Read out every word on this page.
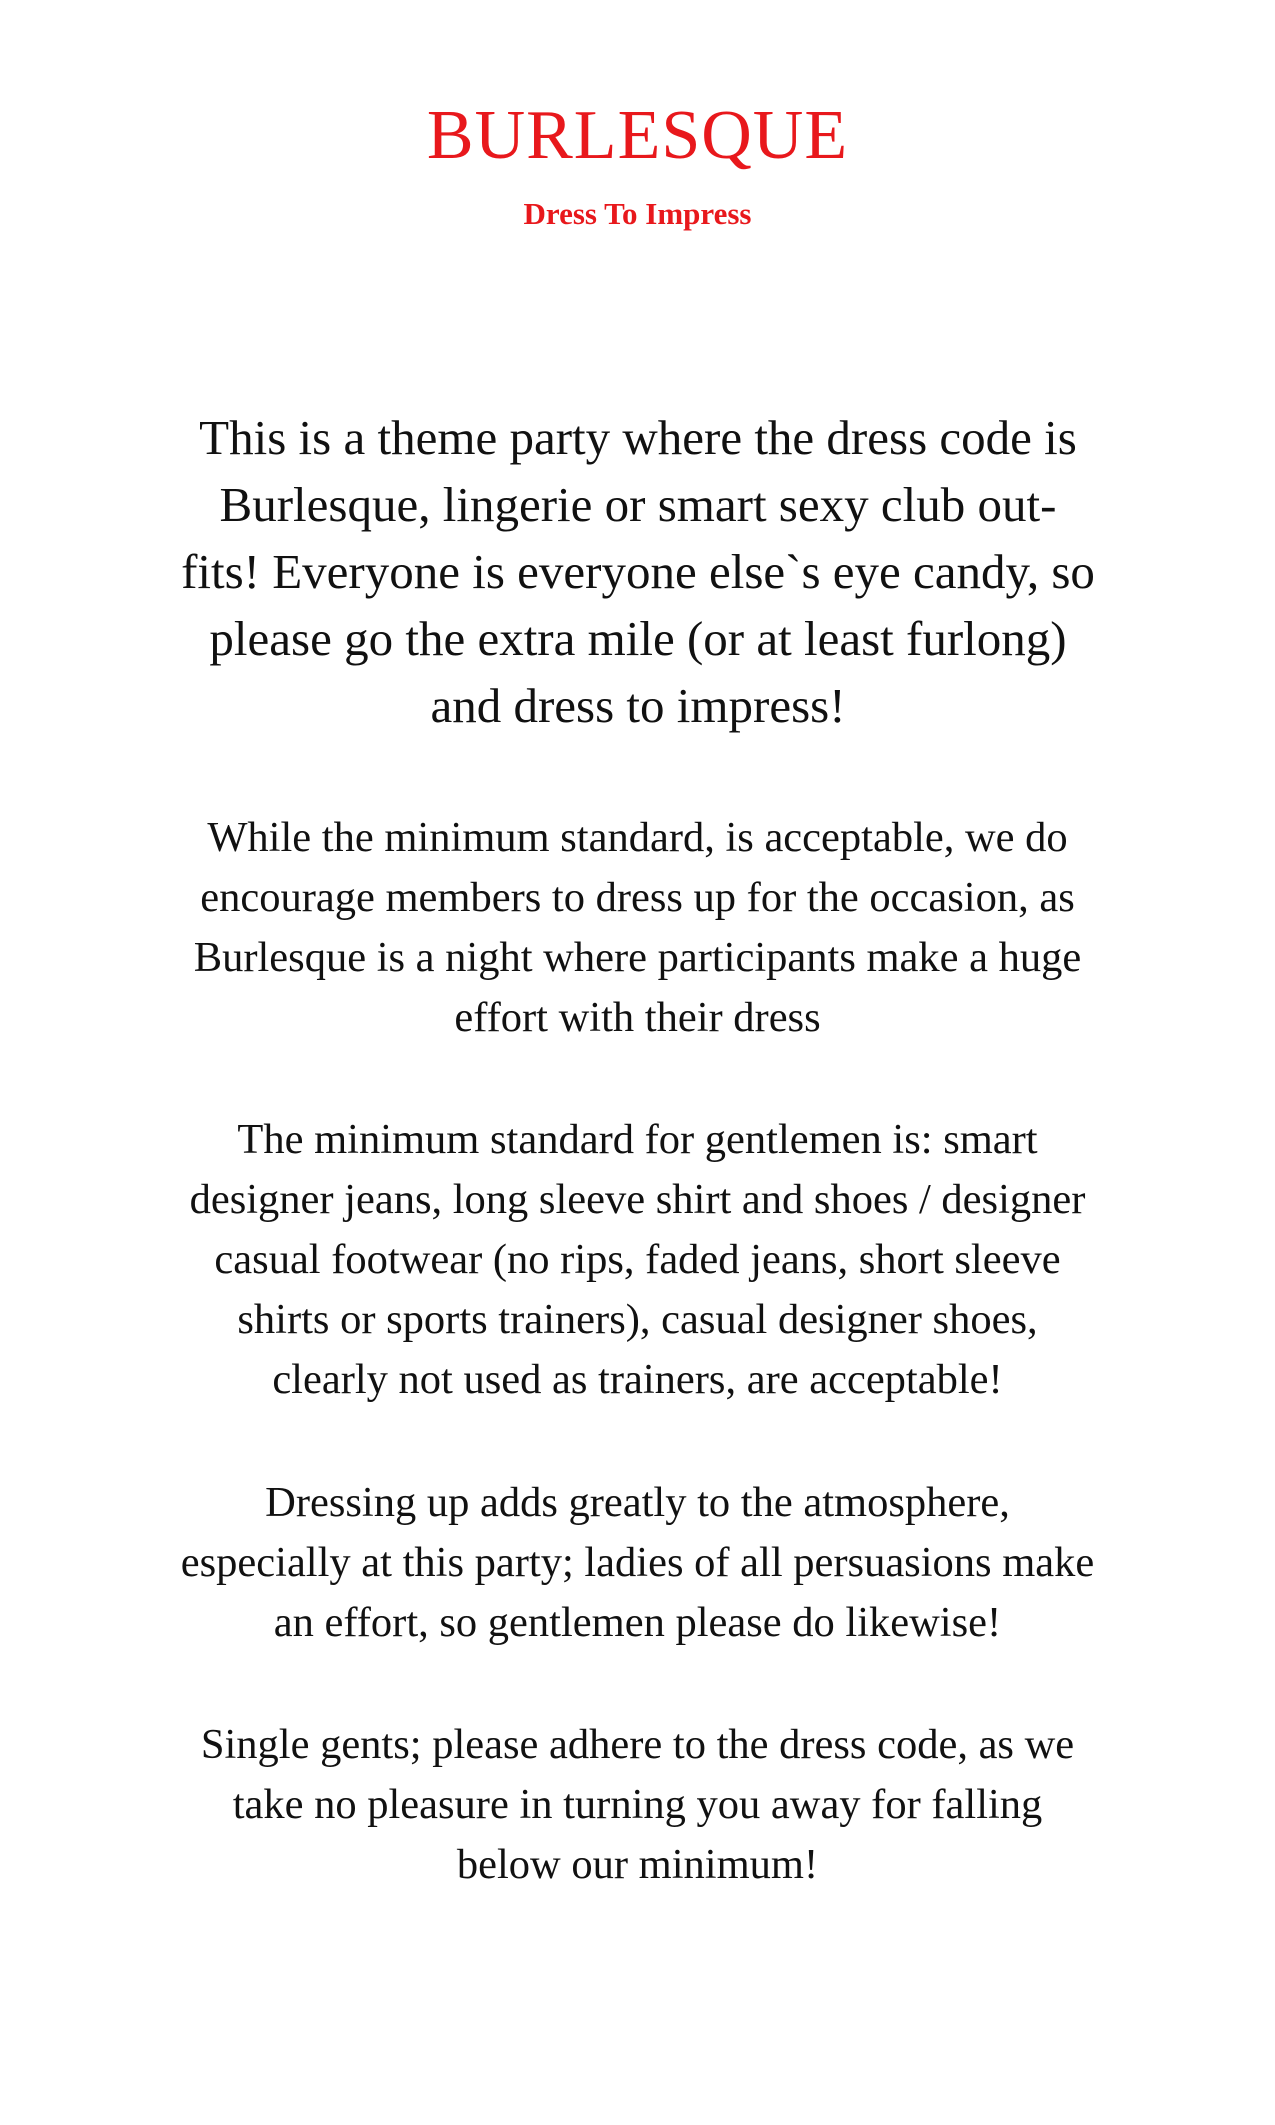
BURLESQUE
Dress To Impress

This is a theme party where the dress code is
Burlesque, lingerie or smart sexy club out-
fits! Everyone is everyone else`s eye candy, so
please go the extra mile (or at least furlong)
and dress to impress!

While the minimum standard, is acceptable, we do
encourage members to dress up for the occasion, as
Burlesque is a night where participants make a huge
effort with their dress

The minimum standard for gentlemen is: smart
designer jeans, long sleeve shirt and shoes / designer
casual footwear (no rips, faded jeans, short sleeve
shirts or sports trainers), casual designer shoes,
clearly not used as trainers, are acceptable!

Dressing up adds greatly to the atmosphere,
especially at this party; ladies of all persuasions make
an effort, so gentlemen please do likewise!

Single gents; please adhere to the dress code, as we
take no pleasure in turning you away for falling
below our minimum!
